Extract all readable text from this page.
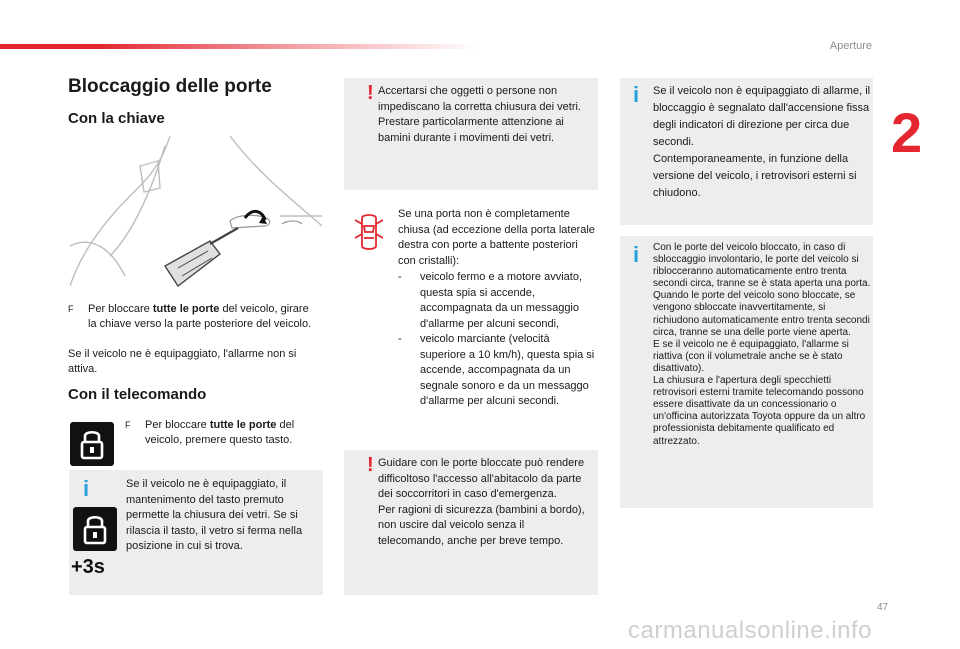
Aperture
2
Bloccaggio delle porte
Con la chiave
F Per bloccare tutte le porte del veicolo, girare la chiave verso la parte posteriore del veicolo.

Se il veicolo ne è equipaggiato, l'allarme non si attiva.

Con il telecomando
F Per bloccare tutte le porte del veicolo, premere questo tasto.
i	Se il veicolo ne è equipaggiato, il mantenimento del tasto premuto permette la chiusura dei vetri. Se si rilascia il tasto, il vetro si ferma nella posizione in cui si trova.

+3s
! Accertarsi che oggetti o persone non impediscano la corretta chiusura dei vetri.
Prestare particolarmente attenzione ai bamini durante i movimenti dei vetri.

Se una porta non è completamente chiusa (ad eccezione della porta laterale destra con porte a battente posteriori con cristalli):

- veicolo fermo e a motore avviato, questa spia si accende, accompagnata da un messaggio d'allarme per alcuni secondi,
- veicolo marciante (velocità superiore a 10 km/h), questa spia si accende, accompagnata da un segnale sonoro e da un messaggo d'allarme per alcuni secondi.
! Guidare con le porte bloccate può rendere difficoltoso l'accesso all'abitacolo da parte dei soccorritori in caso d'emergenza.
Per ragioni di sicurezza (bambini a bordo), non uscire dal veicolo senza il telecomando, anche per breve tempo.

i Se il veicolo non è equipaggiato di allarme, il bloccaggio è segnalato dall'accensione fissa degli indicatori di direzione per circa due secondi.
Contemporaneamente, in funzione della versione del veicolo, i retrovisori esterni si chiudono.

i Con le porte del veicolo bloccato, in caso di sbloccaggio involontario, le porte del veicolo si riblocceranno automaticamente entro trenta secondi circa, tranne se è stata aperta una porta. Quando le porte del veicolo sono bloccate, se vengono sbloccate inavvertitamente, si richiudono automaticamente entro trenta secondi circa, tranne se una delle porte viene aperta.
E se il veicolo ne è equipaggiato, l'allarme si riattiva (con il volumetrale anche se è stato disattivato).
La chiusura e l'apertura degli specchietti retrovisori esterni tramite telecomando possono essere disattivate da un concessionario o un'officina autorizzata Toyota oppure da un altro professionista debitamente qualificato ed attrezzato.

47
carmanualsonline.info
